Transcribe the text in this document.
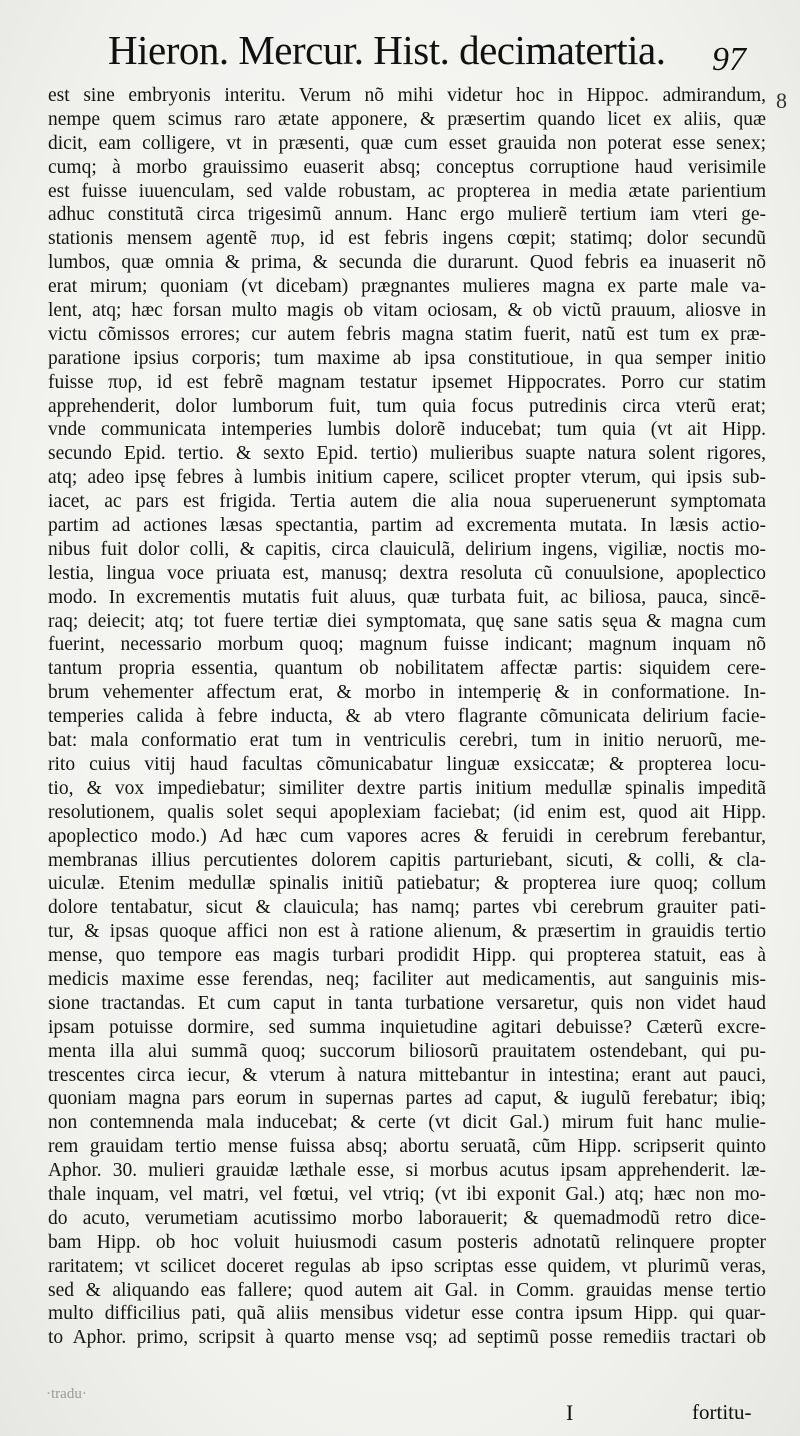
Hieron. Mercur. Hist. decimatertia. 97
8
est sine embryonis interitu. Verum nõ mihi videtur hoc in Hippoc. admirandum,
nempe quem scimus raro ætate apponere, & præsertim quando licet ex aliis, quæ
dicit, eam colligere, vt in præsenti, quæ cum esset grauida non poterat esse senex;
cumq; à morbo grauissimo euaserit absq; conceptus corruptione haud verisimile
est fuisse iuuenculam, sed valde robustam, ac propterea in media ætate parientium
adhuc constitutã circa trigesimũ annum. Hanc ergo mulierẽ tertium iam vteri ge-
stationis mensem agentẽ πυρ, id est febris ingens cœpit; statimq; dolor secundũ
lumbos, quæ omnia & prima, & secunda die durarunt. Quod febris ea inuaserit nõ
erat mirum; quoniam (vt dicebam) prægnantes mulieres magna ex parte male va-
lent, atq; hæc forsan multo magis ob vitam ociosam, & ob victũ prauum, aliosve in
victu cõmissos errores; cur autem febris magna statim fuerit, natũ est tum ex præ-
paratione ipsius corporis; tum maxime ab ipsa constitutioue, in qua semper initio
fuisse πυρ, id est febrẽ magnam testatur ipsemet Hippocrates. Porro cur statim
apprehenderit, dolor lumborum fuit, tum quia focus putredinis circa vterũ erat;
vnde communicata intemperies lumbis dolorẽ inducebat; tum quia (vt ait Hipp.
secundo Epid. tertio. & sexto Epid. tertio) mulieribus suapte natura solent rigores,
atq; adeo ipsę febres à lumbis initium capere, scilicet propter vterum, qui ipsis sub-
iacet, ac pars est frigida. Tertia autem die alia noua superuenerunt symptomata
partim ad actiones læsas spectantia, partim ad excrementa mutata. In læsis actio-
nibus fuit dolor colli, & capitis, circa clauiculã, delirium ingens, vigiliæ, noctis mo-
lestia, lingua voce priuata est, manusq; dextra resoluta cũ conuulsione, apoplectico
modo. In excrementis mutatis fuit aluus, quæ turbata fuit, ac biliosa, pauca, sincē-
raq; deiecit; atq; tot fuere tertiæ diei symptomata, quę sane satis sęua & magna cum
fuerint, necessario morbum quoq; magnum fuisse indicant; magnum inquam nõ
tantum propria essentia, quantum ob nobilitatem affectæ partis: siquidem cere-
brum vehementer affectum erat, & morbo in intemperię & in conformatione. In-
temperies calida à febre inducta, & ab vtero flagrante cõmunicata delirium facie-
bat: mala conformatio erat tum in ventriculis cerebri, tum in initio neruorũ, me-
rito cuius vitij haud facultas cõmunicabatur linguæ exsiccatæ; & propterea locu-
tio, & vox impediebatur; similiter dextre partis initium medullæ spinalis impeditã
resolutionem, qualis solet sequi apoplexiam faciebat; (id enim est, quod ait Hipp.
apoplectico modo.) Ad hæc cum vapores acres & feruidi in cerebrum ferebantur,
membranas illius percutientes dolorem capitis parturiebant, sicuti, & colli, & cla-
uiculæ. Etenim medullæ spinalis initiũ patiebatur; & propterea iure quoq; collum
dolore tentabatur, sicut & clauicula; has namq; partes vbi cerebrum grauiter pati-
tur, & ipsas quoque affici non est à ratione alienum, & præsertim in grauidis tertio
mense, quo tempore eas magis turbari prodidit Hipp. qui propterea statuit, eas à
medicis maxime esse ferendas, neq; faciliter aut medicamentis, aut sanguinis mis-
sione tractandas. Et cum caput in tanta turbatione versaretur, quis non videt haud
ipsam potuisse dormire, sed summa inquietudine agitari debuisse? Cæterũ excre-
menta illa alui summã quoq; succorum biliosorũ prauitatem ostendebant, qui pu-
trescentes circa iecur, & vterum à natura mittebantur in intestina; erant aut pauci,
quoniam magna pars eorum in supernas partes ad caput, & iugulũ ferebatur; ibiq;
non contemnenda mala inducebat; & certe (vt dicit Gal.) mirum fuit hanc mulie-
rem grauidam tertio mense fuissa absq; abortu seruatã, cũm Hipp. scripserit quinto
Aphor. 30. mulieri grauidæ læthale esse, si morbus acutus ipsam apprehenderit. læ-
thale inquam, vel matri, vel fœtui, vel vtriq; (vt ibi exponit Gal.) atq; hæc non mo-
do acuto, verumetiam acutissimo morbo laborauerit; & quemadmodũ retro dice-
bam Hipp. ob hoc voluit huiusmodi casum posteris adnotatũ relinquere propter
raritatem; vt scilicet doceret regulas ab ipso scriptas esse quidem, vt plurimũ veras,
sed & aliquando eas fallere; quod autem ait Gal. in Comm. grauidas mense tertio
multo difficilius pati, quã aliis mensibus videtur esse contra ipsum Hipp. qui quar-
to Aphor. primo, scripsit à quarto mense vsq; ad septimũ posse remediis tractari ob
·tradu·
I	fortitu-
